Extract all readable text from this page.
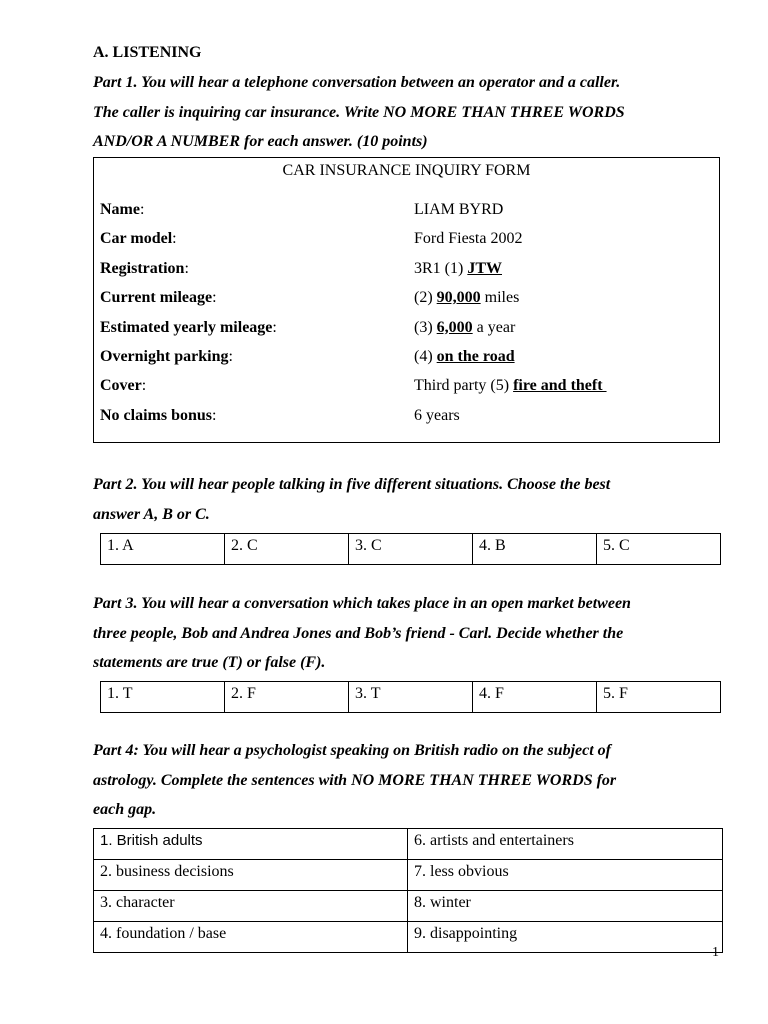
A. LISTENING
Part 1. You will hear a telephone conversation between an operator and a caller.
The caller is inquiring car insurance. Write NO MORE THAN THREE WORDS
AND/OR A NUMBER for each answer. (10 points)
CAR INSURANCE INQUIRY FORM
Name:	LIAM BYRD
Car model:	Ford Fiesta 2002
Registration:	3R1 (1) JTW
Current mileage:	(2) 90,000 miles
Estimated yearly mileage:	(3) 6,000 a year
Overnight parking:	(4) on the road
Cover:	Third party (5) fire and theft
No claims bonus:	6 years
Part 2. You will hear people talking in five different situations. Choose the best
answer A, B or C.
1. A	2. C	3. C	4. B	5. C
Part 3. You will hear a conversation which takes place in an open market between
three people, Bob and Andrea Jones and Bob’s friend - Carl. Decide whether the
statements are true (T) or false (F).
1. T	2. F	3. T	4. F	5. F
Part 4: You will hear a psychologist speaking on British radio on the subject of
astrology. Complete the sentences with NO MORE THAN THREE WORDS for
each gap.
1. British adults	6. artists and entertainers
2. business decisions	7. less obvious
3. character	8. winter
4. foundation / base	9. disappointing
1
